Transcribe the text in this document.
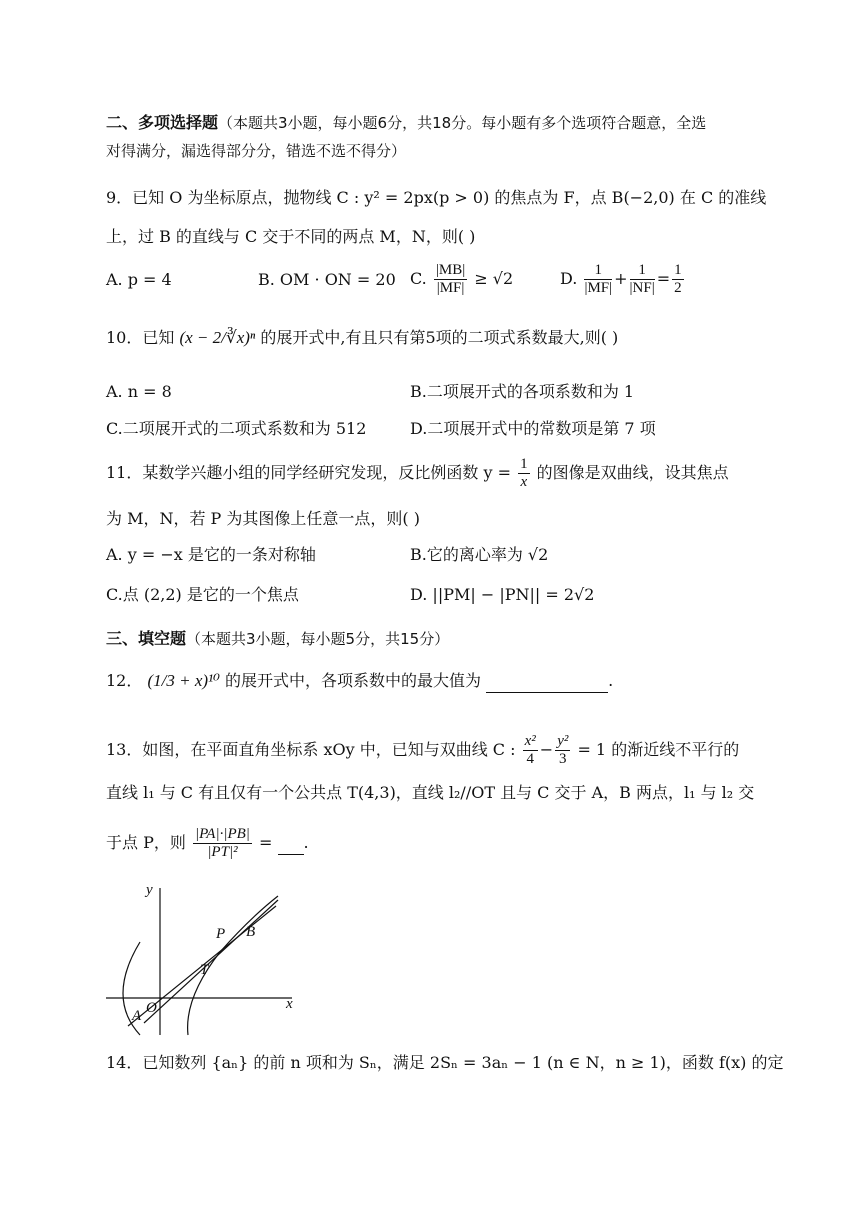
二、多项选择题（本题共3小题，每小题6分，共18分。每小题有多个选项符合题意，全选
对得满分，漏选得部分分，错选不选不得分）
9．已知 O 为坐标原点，抛物线 C : y² = 2px(p > 0) 的焦点为 F，点 B(−2,0) 在 C 的准线
上，过 B 的直线与 C 交于不同的两点 M，N，则( )
A. p = 4	B. OM · ON = 20 C. $\frac{|MB|}{|MF|} \ge √2$	D. $\frac{1}{|MF|} + \frac{1}{|NF|} = \frac{1}{2}$
10．已知 (x − 2/∛x)ⁿ 的展开式中,有且只有第5项的二项式系数最大,则( )
A. n = 8	B.二项展开式的各项系数和为 1
C.二项展开式的二项式系数和为 512	D.二项展开式中的常数项是第 7 项
11．某数学兴趣小组的同学经研究发现，反比例函数 $y = \frac{1}{x}$ 的图像是双曲线，设其焦点
为 M，N，若 P 为其图像上任意一点，则( )
A. y = −x 是它的一条对称轴	B.它的离心率为 √2
C.点 (2,2) 是它的一个焦点	D. ||PM| − |PN|| = 2√2
三、填空题（本题共3小题，每小题5分，共15分）
12． (1/3 + x)¹⁰ 的展开式中，各项系数中的最大值为	.
13．如图，在平面直角坐标系 xOy 中，已知与双曲线 C : $\frac{\text{x²}}{4} - \frac{\text{y²}}{3} = 1$ 的渐近线不平行的
直线 l₁ 与 C 有且仅有一个公共点 T(4,3)，直线 l₂//OT 且与 C 交于 A，B 两点，l₁ 与 l₂ 交
于点 P，则 $\frac{|PA|\cdot|PB|}{\text{|PT|²}}$ = .
y
x
O
A
B
P
T
14．已知数列 {aₙ} 的前 n 项和为 Sₙ，满足 2Sₙ = 3aₙ − 1 (n ∈ N，n ≥ 1)，函数 f(x) 的定
